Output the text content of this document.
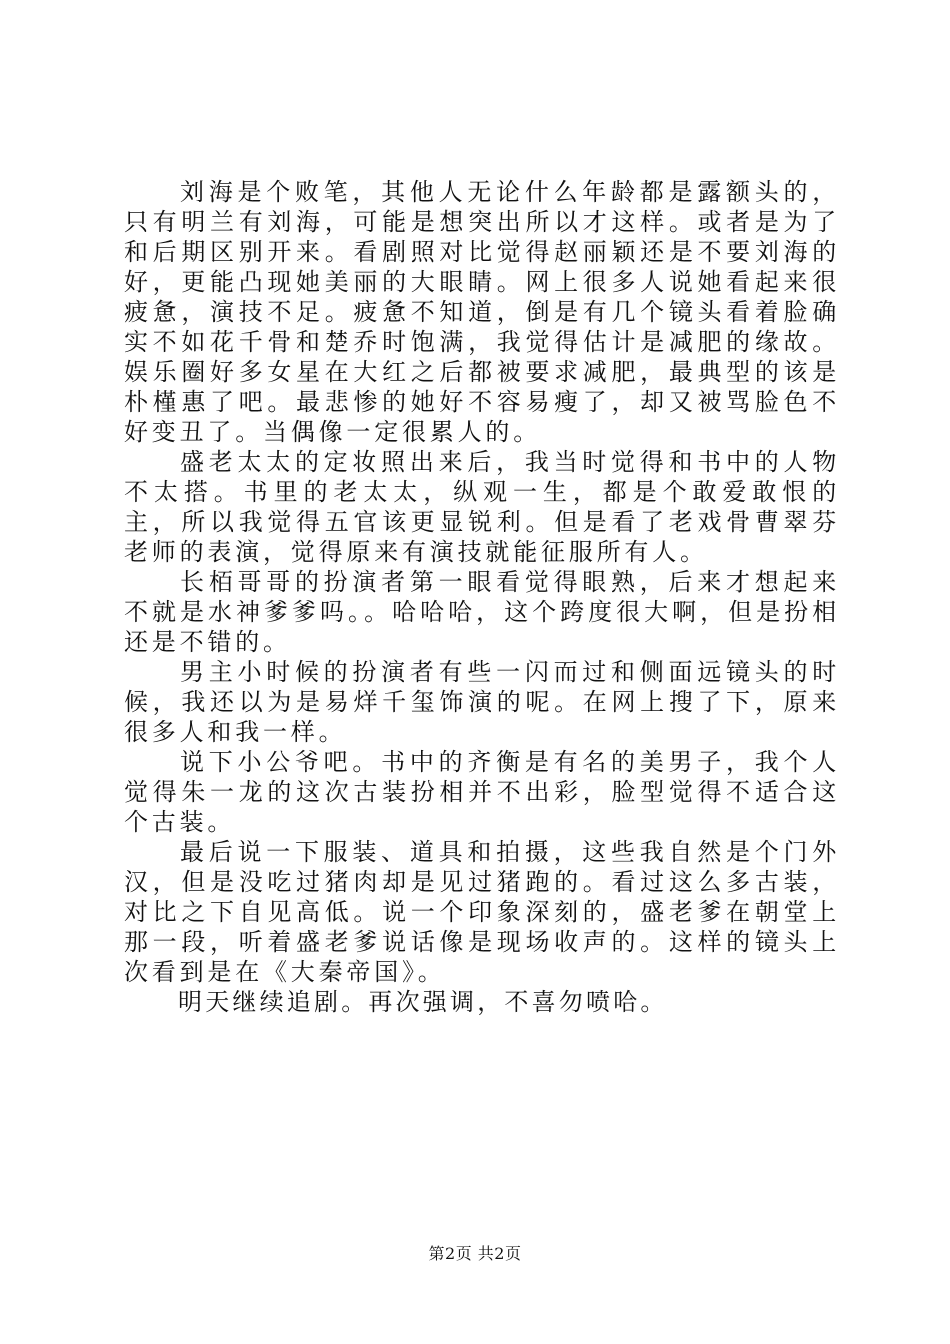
刘海是个败笔，其他人无论什么年龄都是露额头的，只有明兰有刘海，可能是想突出所以才这样。或者是为了和后期区别开来。看剧照对比觉得赵丽颖还是不要刘海的好，更能凸现她美丽的大眼睛。网上很多人说她看起来很疲惫，演技不足。疲惫不知道，倒是有几个镜头看着脸确实不如花千骨和楚乔时饱满，我觉得估计是减肥的缘故。娱乐圈好多女星在大红之后都被要求减肥，最典型的该是朴槿惠了吧。最悲惨的她好不容易瘦了，却又被骂脸色不好变丑了。当偶像一定很累人的。

盛老太太的定妆照出来后，我当时觉得和书中的人物不太搭。书里的老太太，纵观一生，都是个敢爱敢恨的主，所以我觉得五官该更显锐利。但是看了老戏骨曹翠芬老师的表演，觉得原来有演技就能征服所有人。

长栢哥哥的扮演者第一眼看觉得眼熟，后来才想起来不就是水神爹爹吗。。哈哈哈，这个跨度很大啊，但是扮相还是不错的。

男主小时候的扮演者有些一闪而过和侧面远镜头的时候，我还以为是易烊千玺饰演的呢。在网上搜了下，原来很多人和我一样。

说下小公爷吧。书中的齐衡是有名的美男子，我个人觉得朱一龙的这次古装扮相并不出彩，脸型觉得不适合这个古装。

最后说一下服装、道具和拍摄，这些我自然是个门外汉，但是没吃过猪肉却是见过猪跑的。看过这么多古装，对比之下自见高低。说一个印象深刻的，盛老爹在朝堂上那一段，听着盛老爹说话像是现场收声的。这样的镜头上次看到是在《大秦帝国》。

明天继续追剧。再次强调，不喜勿喷哈。

第2页 共2页
